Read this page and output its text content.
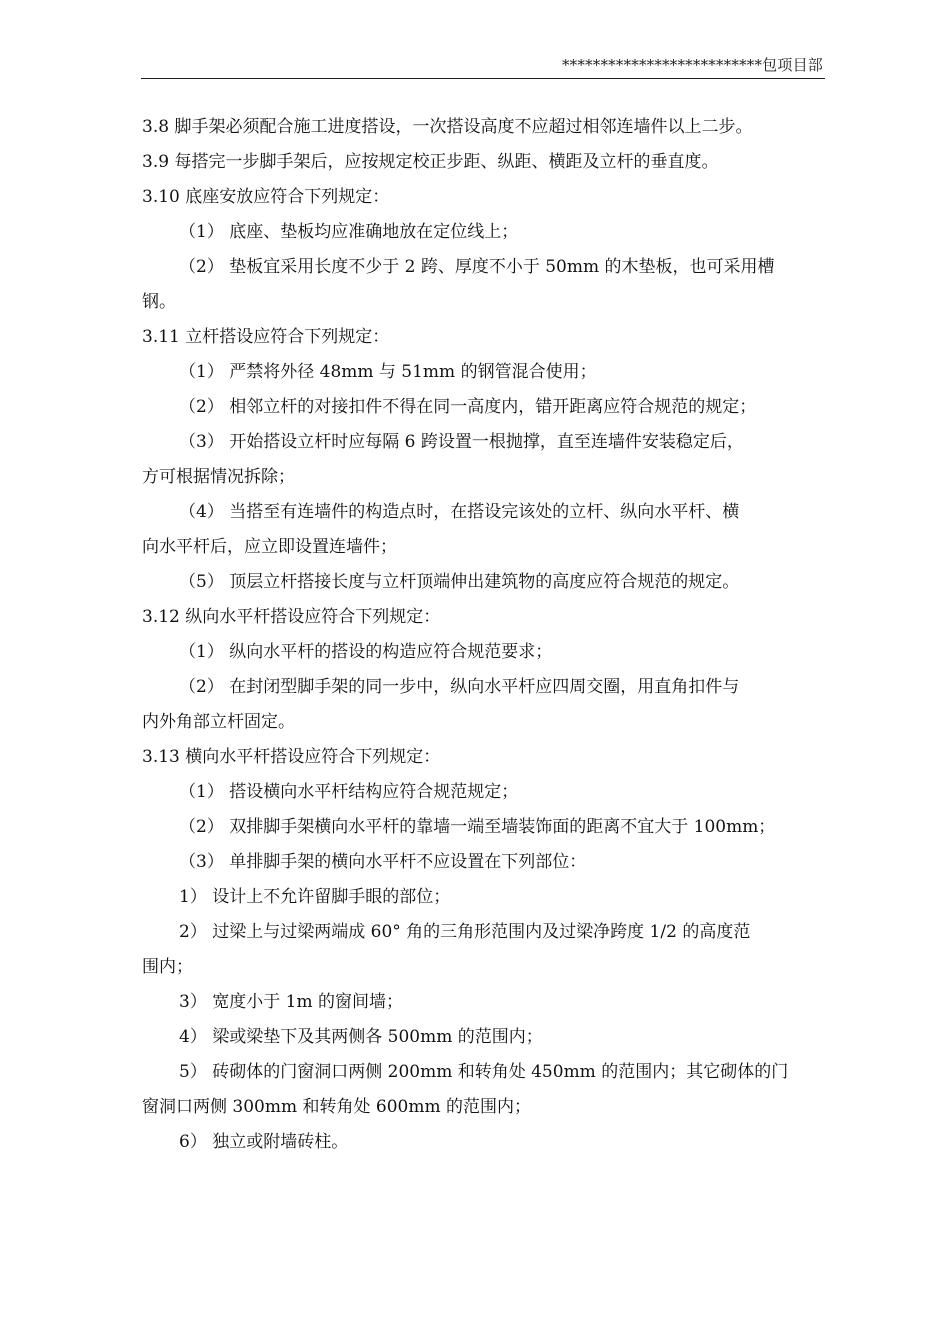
**************************包项目部
3.8 脚手架必须配合施工进度搭设，一次搭设高度不应超过相邻连墙件以上二步。
3.9 每搭完一步脚手架后，应按规定校正步距、纵距、横距及立杆的垂直度。
3.10 底座安放应符合下列规定：
（1） 底座、垫板均应准确地放在定位线上；
（2） 垫板宜采用长度不少于 2 跨、厚度不小于 50mm 的木垫板，也可采用槽
钢。
3.11 立杆搭设应符合下列规定：
（1） 严禁将外径 48mm 与 51mm 的钢管混合使用；
（2） 相邻立杆的对接扣件不得在同一高度内，错开距离应符合规范的规定；
（3） 开始搭设立杆时应每隔 6 跨设置一根抛撑，直至连墙件安装稳定后，
方可根据情况拆除；
（4） 当搭至有连墙件的构造点时，在搭设完该处的立杆、纵向水平杆、横
向水平杆后，应立即设置连墙件；
（5） 顶层立杆搭接长度与立杆顶端伸出建筑物的高度应符合规范的规定。
3.12 纵向水平杆搭设应符合下列规定：
（1） 纵向水平杆的搭设的构造应符合规范要求；
（2） 在封闭型脚手架的同一步中，纵向水平杆应四周交圈，用直角扣件与
内外角部立杆固定。
3.13 横向水平杆搭设应符合下列规定：
（1） 搭设横向水平杆结构应符合规范规定；
（2） 双排脚手架横向水平杆的靠墙一端至墙装饰面的距离不宜大于 100mm；
（3） 单排脚手架的横向水平杆不应设置在下列部位：
1） 设计上不允许留脚手眼的部位；
2） 过梁上与过梁两端成 60° 角的三角形范围内及过梁净跨度 1/2 的高度范
围内；
3） 宽度小于 1m 的窗间墙；
4） 梁或梁垫下及其两侧各 500mm 的范围内；
5） 砖砌体的门窗洞口两侧 200mm 和转角处 450mm 的范围内；其它砌体的门
窗洞口两侧 300mm 和转角处 600mm 的范围内；
6） 独立或附墙砖柱。
